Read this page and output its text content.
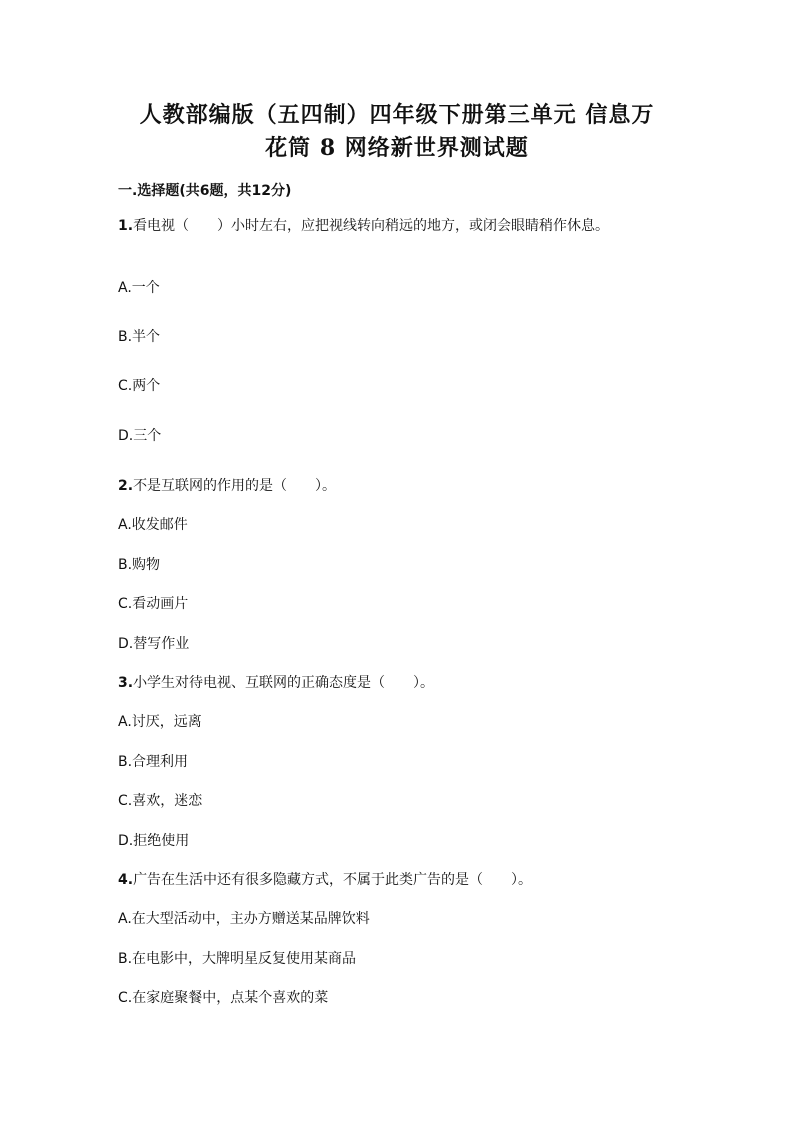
人教部编版（五四制）四年级下册第三单元 信息万
花筒 8 网络新世界测试题
一.选择题(共6题，共12分)
1.看电视（　　）小时左右，应把视线转向稍远的地方，或闭会眼睛稍作休息。
A.一个
B.半个
C.两个
D.三个
2.不是互联网的作用的是（　　）。
A.收发邮件
B.购物
C.看动画片
D.替写作业
3.小学生对待电视、互联网的正确态度是（　　）。
A.讨厌，远离
B.合理利用
C.喜欢，迷恋
D.拒绝使用
4.广告在生活中还有很多隐藏方式，不属于此类广告的是（　　）。
A.在大型活动中，主办方赠送某品牌饮料
B.在电影中，大牌明星反复使用某商品
C.在家庭聚餐中，点某个喜欢的菜
